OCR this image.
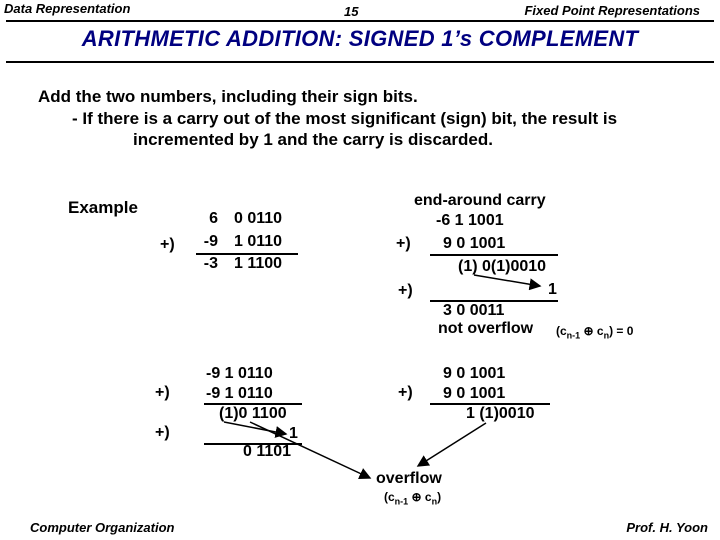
Data Representation	15	Fixed Point Representations
ARITHMETIC ADDITION: SIGNED 1’s COMPLEMENT
Add the two numbers, including their sign bits.
- If there is a carry out of the most significant (sign) bit, the result is
incremented by 1 and the carry is discarded.
Example
+)
6 0 0110
-9 1 0110
-3 1 1100
end-around carry
-6 1 1001
+) 9 0 1001
(1) 0(1)0010
+)	1
3 0 0011
not overflow ($c_{n-1}$ ⊕ $c_n) = 0$
+)
+)
-9 1 0110
-9 1 0110
(1)0 1100
1
0 1101
+)
9 0 1001
9 0 1001
1 (1)0010
overflow
($c_{n-1}$ ⊕ $c_n$)
Computer Organization	Prof. H. Yoon
